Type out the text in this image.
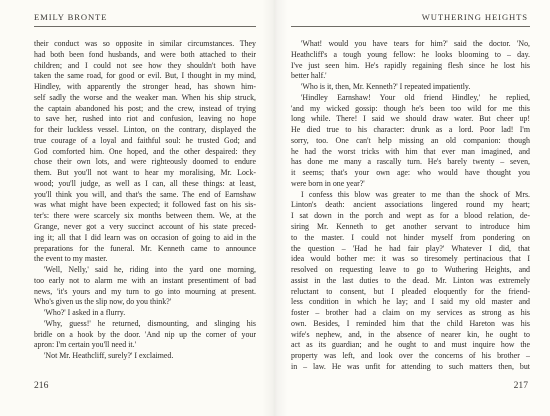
EMILY BRONTE
their conduct was so opposite in similar circumstances. They
had both been fond husbands, and were both attached to their
children; and I could not see how they shouldn't both have
taken the same road, for good or evil. But, I thought in my mind,
Hindley, with apparently the stronger head, has shown him-
self sadly the worse and the weaker man. When his ship struck,
the captain abandoned his post; and the crew, instead of trying
to save her, rushed into riot and confusion, leaving no hope
for their luckless vessel. Linton, on the contrary, displayed the
true courage of a loyal and faithful soul: he trusted God; and
God comforted him. One hoped, and the other despaired: they
chose their own lots, and were righteously doomed to endure
them. But you'll not want to hear my moralising, Mr. Lock-
wood; you'll judge, as well as I can, all these things: at least,
you'll think you will, and that's the same. The end of Earnshaw
was what might have been expected; it followed fast on his sis-
ter's: there were scarcely six months between them. We, at the
Grange, never got a very succinct account of his state preced-
ing it; all that I did learn was on occasion of going to aid in the
preparations for the funeral. Mr. Kenneth came to announce
the event to my master.
'Well, Nelly,' said he, riding into the yard one morning,
too early not to alarm me with an instant presentiment of bad
news, 'it's yours and my turn to go into mourning at present.
Who's given us the slip now, do you think?'
'Who?' I asked in a flurry.
'Why, guess!' he returned, dismounting, and slinging his
bridle on a hook by the door. 'And nip up the corner of your
apron: I'm certain you'll need it.'
'Not Mr. Heathcliff, surely?' I exclaimed.
216
WUTHERING HEIGHTS
'What! would you have tears for him?' said the doctor. 'No,
Heathcliff's a tough young fellow: he looks blooming to – day.
I've just seen him. He's rapidly regaining flesh since he lost his
better half.'
'Who is it, then, Mr. Kenneth?' I repeated impatiently.
'Hindley Earnshaw! Your old friend Hindley,' he replied,
'and my wicked gossip: though he's been too wild for me this
long while. There! I said we should draw water. But cheer up!
He died true to his character: drunk as a lord. Poor lad! I'm
sorry, too. One can't help missing an old companion: though
he had the worst tricks with him that ever man imagined, and
has done me many a rascally turn. He's barely twenty – seven,
it seems; that's your own age: who would have thought you
were born in one year?'
I confess this blow was greater to me than the shock of Mrs.
Linton's death: ancient associations lingered round my heart;
I sat down in the porch and wept as for a blood relation, de-
siring Mr. Kenneth to get another servant to introduce him
to the master. I could not hinder myself from pondering on
the question – 'Had he had fair play?' Whatever I did, that
idea would bother me: it was so tiresomely pertinacious that I
resolved on requesting leave to go to Wuthering Heights, and
assist in the last duties to the dead. Mr. Linton was extremely
reluctant to consent, but I pleaded eloquently for the friend-
less condition in which he lay; and I said my old master and
foster – brother had a claim on my services as strong as his
own. Besides, I reminded him that the child Hareton was his
wife's nephew, and, in the absence of nearer kin, he ought to
act as its guardian; and he ought to and must inquire how the
property was left, and look over the concerns of his brother –
in – law. He was unfit for attending to such matters then, but
217
